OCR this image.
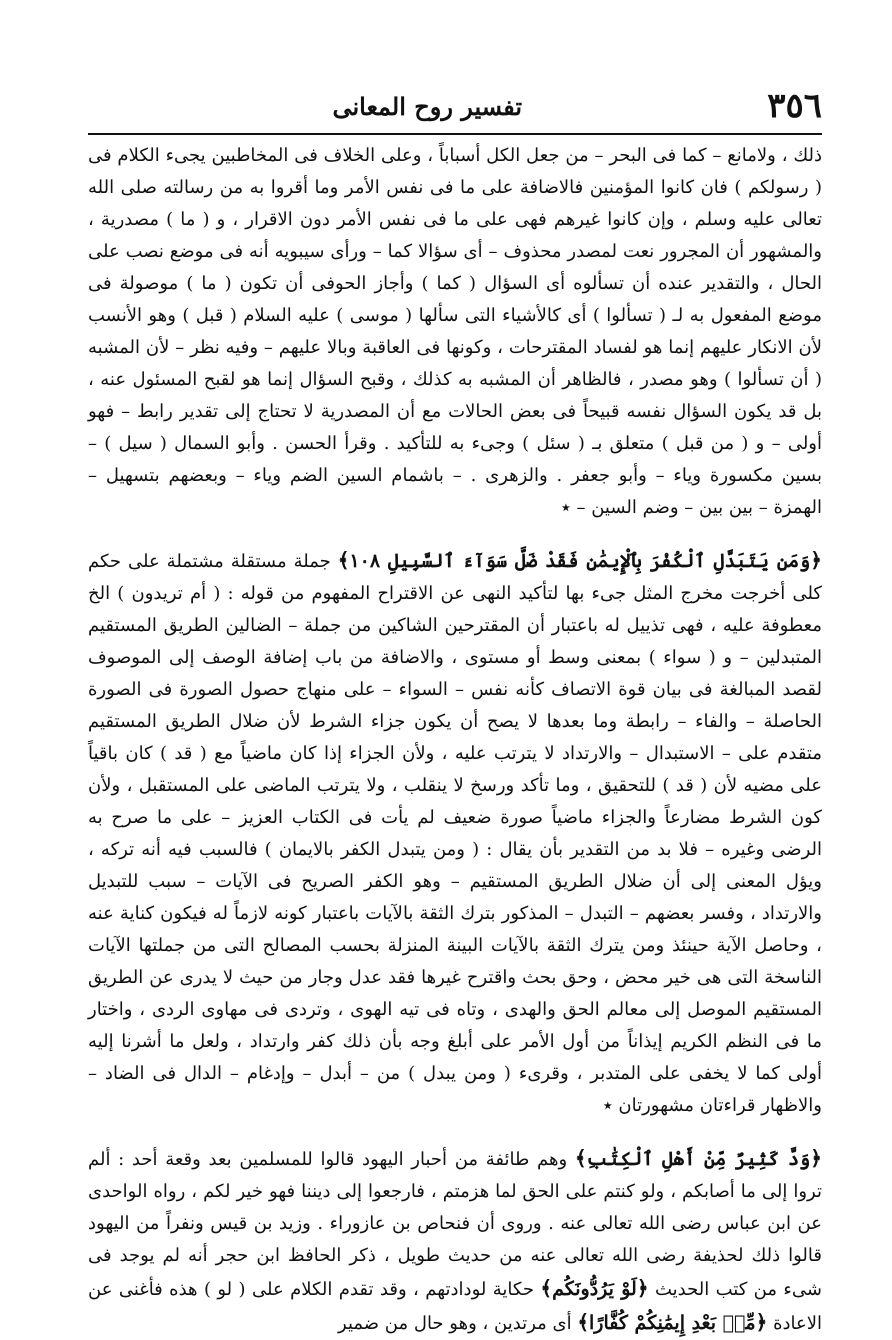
٣٥٦
تفسير روح المعانى

ذلك ، ولامانع – كما فى البحر – من جعل الكل أسباباً ، وعلى الخلاف فى المخاطبين يجىء الكلام فى ( رسولكم ) فان كانوا المؤمنين فالاضافة على ما فى نفس الأمر وما أقروا به من رسالته صلى الله تعالى عليه وسلم ، وإن كانوا غيرهم فهى على ما فى نفس الأمر دون الاقرار ، و ( ما ) مصدرية ، والمشهور أن المجرور نعت لمصدر محذوف – أى سؤالا كما – ورأى سيبويه أنه فى موضع نصب على الحال ، والتقدير عنده أن تسألوه أى السؤال ( كما ) وأجاز الحوفى أن تكون ( ما ) موصولة فى موضع المفعول به لـ ( تسألوا ) أى كالأشياء التى سألها ( موسى ) عليه السلام ( قبل ) وهو الأنسب لأن الانكار عليهم إنما هو لفساد المقترحات ، وكونها فى العاقبة وبالا عليهم – وفيه نظر – لأن المشبه ( أن تسألوا ) وهو مصدر ، فالظاهر أن المشبه به كذلك ، وقبح السؤال إنما هو لقبح المسئول عنه ، بل قد يكون السؤال نفسه قبيحاً فى بعض الحالات مع أن المصدرية لا تحتاج إلى تقدير رابط – فهو أولى – و ( من قبل ) متعلق بـ ( سئل ) وجىء به للتأكيد . وقرأ الحسن . وأبو السمال ( سيل ) – بسين مكسورة وياء – وأبو جعفر . والزهرى . – باشمام السين الضم وياء – وبعضهم بتسهيل – الهمزة – بين بين – وضم السين – ٭

﴿وَمَن يَتَبَدَّلِ ٱلْكُفْرَ بِٱلْإِيمَٰنِ فَقَدْ ضَلَّ سَوَآءَ ٱلسَّبِيلِ ١٠٨﴾ جملة مستقلة مشتملة على حكم كلى أخرجت مخرج المثل جىء بها لتأكيد النهى عن الاقتراح المفهوم من قوله : ( أم تريدون ) الخ معطوفة عليه ، فهى تذييل له باعتبار أن المقترحين الشاكين من جملة – الضالين الطريق المستقيم المتبدلين – و ( سواء ) بمعنى وسط أو مستوى ، والاضافة من باب إضافة الوصف إلى الموصوف لقصد المبالغة فى بيان قوة الاتصاف كأنه نفس – السواء – على منهاج حصول الصورة فى الصورة الحاصلة – والفاء – رابطة وما بعدها لا يصح أن يكون جزاء الشرط لأن ضلال الطريق المستقيم متقدم على – الاستبدال – والارتداد لا يترتب عليه ، ولأن الجزاء إذا كان ماضياً مع ( قد ) كان باقياً على مضيه لأن ( قد ) للتحقيق ، وما تأكد ورسخ لا ينقلب ، ولا يترتب الماضى على المستقبل ، ولأن كون الشرط مضارعاً والجزاء ماضياً صورة ضعيف لم يأت فى الكتاب العزيز – على ما صرح به الرضى وغيره – فلا بد من التقدير بأن يقال : ( ومن يتبدل الكفر بالايمان ) فالسبب فيه أنه تركه ، ويؤل المعنى إلى أن ضلال الطريق المستقيم – وهو الكفر الصريح فى الآيات – سبب للتبديل والارتداد ، وفسر بعضهم – التبدل – المذكور بترك الثقة بالآيات باعتبار كونه لازماً له فيكون كناية عنه ، وحاصل الآية حينئذ ومن يترك الثقة بالآيات البينة المنزلة بحسب المصالح التى من جملتها الآيات الناسخة التى هى خير محض ، وحق بحث واقترح غيرها فقد عدل وجار من حيث لا يدرى عن الطريق المستقيم الموصل إلى معالم الحق والهدى ، وتاه فى تيه الهوى ، وتردى فى مهاوى الردى ، واختار ما فى النظم الكريم إيذاناً من أول الأمر على أبلغ وجه بأن ذلك كفر وارتداد ، ولعل ما أشرنا إليه أولى كما لا يخفى على المتدبر ، وقرىء ( ومن يبدل ) من – أبدل – وإدغام – الدال فى الضاد – والاظهار قراءتان مشهورتان ٭

﴿وَدَّ كَثِيرٌ مِّنْ أَهْلِ ٱلْكِتَٰبِ﴾ وهم طائفة من أحبار اليهود قالوا للمسلمين بعد وقعة أحد : ألم تروا إلى ما أصابكم ، ولو كنتم على الحق لما هزمتم ، فارجعوا إلى ديننا فهو خير لكم ، رواه الواحدى عن ابن عباس رضى الله تعالى عنه . وروى أن فنحاص بن عازوراء . وزيد بن قيس ونفراً من اليهود قالوا ذلك لحذيفة رضى الله تعالى عنه من حديث طويل ، ذكر الحافظ ابن حجر أنه لم يوجد فى شىء من كتب الحديث ﴿لَوْ يَرُدُّونَكُم﴾ حكاية لودادتهم ، وقد تقدم الكلام على ( لو ) هذه فأغنى عن الاعادة ﴿مِّنۢ بَعْدِ إِيمَٰنِكُمْ كُفَّارًا﴾ أى مرتدين ، وهو حال من ضمير
